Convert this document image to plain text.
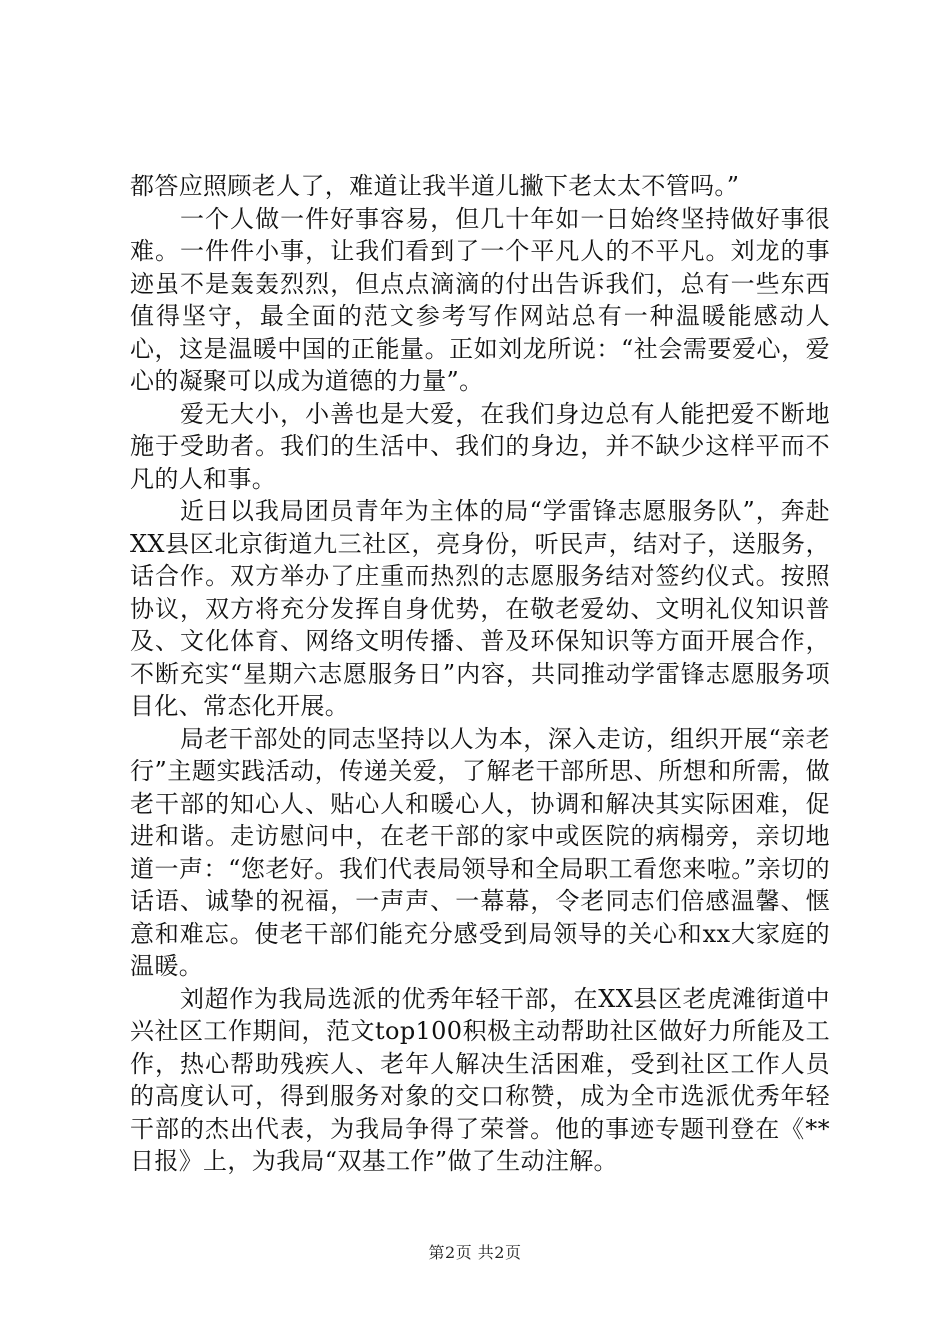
都答应照顾老人了，难道让我半道儿撇下老太太不管吗。”

一个人做一件好事容易，但几十年如一日始终坚持做好事很难。一件件小事，让我们看到了一个平凡人的不平凡。刘龙的事迹虽不是轰轰烈烈，但点点滴滴的付出告诉我们，总有一些东西值得坚守，最全面的范文参考写作网站总有一种温暖能感动人心，这是温暖中国的正能量。正如刘龙所说：“社会需要爱心，爱心的凝聚可以成为道德的力量”。

爱无大小，小善也是大爱，在我们身边总有人能把爱不断地施于受助者。我们的生活中、我们的身边，并不缺少这样平而不凡的人和事。

近日以我局团员青年为主体的局“学雷锋志愿服务队”，奔赴XX县区北京街道九三社区，亮身份，听民声，结对子，送服务，话合作。双方举办了庄重而热烈的志愿服务结对签约仪式。按照协议，双方将充分发挥自身优势，在敬老爱幼、文明礼仪知识普及、文化体育、网络文明传播、普及环保知识等方面开展合作，不断充实“星期六志愿服务日”内容，共同推动学雷锋志愿服务项目化、常态化开展。

局老干部处的同志坚持以人为本，深入走访，组织开展“亲老行”主题实践活动，传递关爱，了解老干部所思、所想和所需，做老干部的知心人、贴心人和暖心人，协调和解决其实际困难，促进和谐。走访慰问中，在老干部的家中或医院的病榻旁，亲切地道一声：“您老好。我们代表局领导和全局职工看您来啦。”亲切的话语、诚挚的祝福，一声声、一幕幕，令老同志们倍感温馨、惬意和难忘。使老干部们能充分感受到局领导的关心和xx大家庭的温暖。

刘超作为我局选派的优秀年轻干部，在XX县区老虎滩街道中兴社区工作期间，范文top100积极主动帮助社区做好力所能及工作，热心帮助残疾人、老年人解决生活困难，受到社区工作人员的高度认可，得到服务对象的交口称赞，成为全市选派优秀年轻干部的杰出代表，为我局争得了荣誉。他的事迹专题刊登在《**日报》上，为我局“双基工作”做了生动注解。

第2页 共2页
